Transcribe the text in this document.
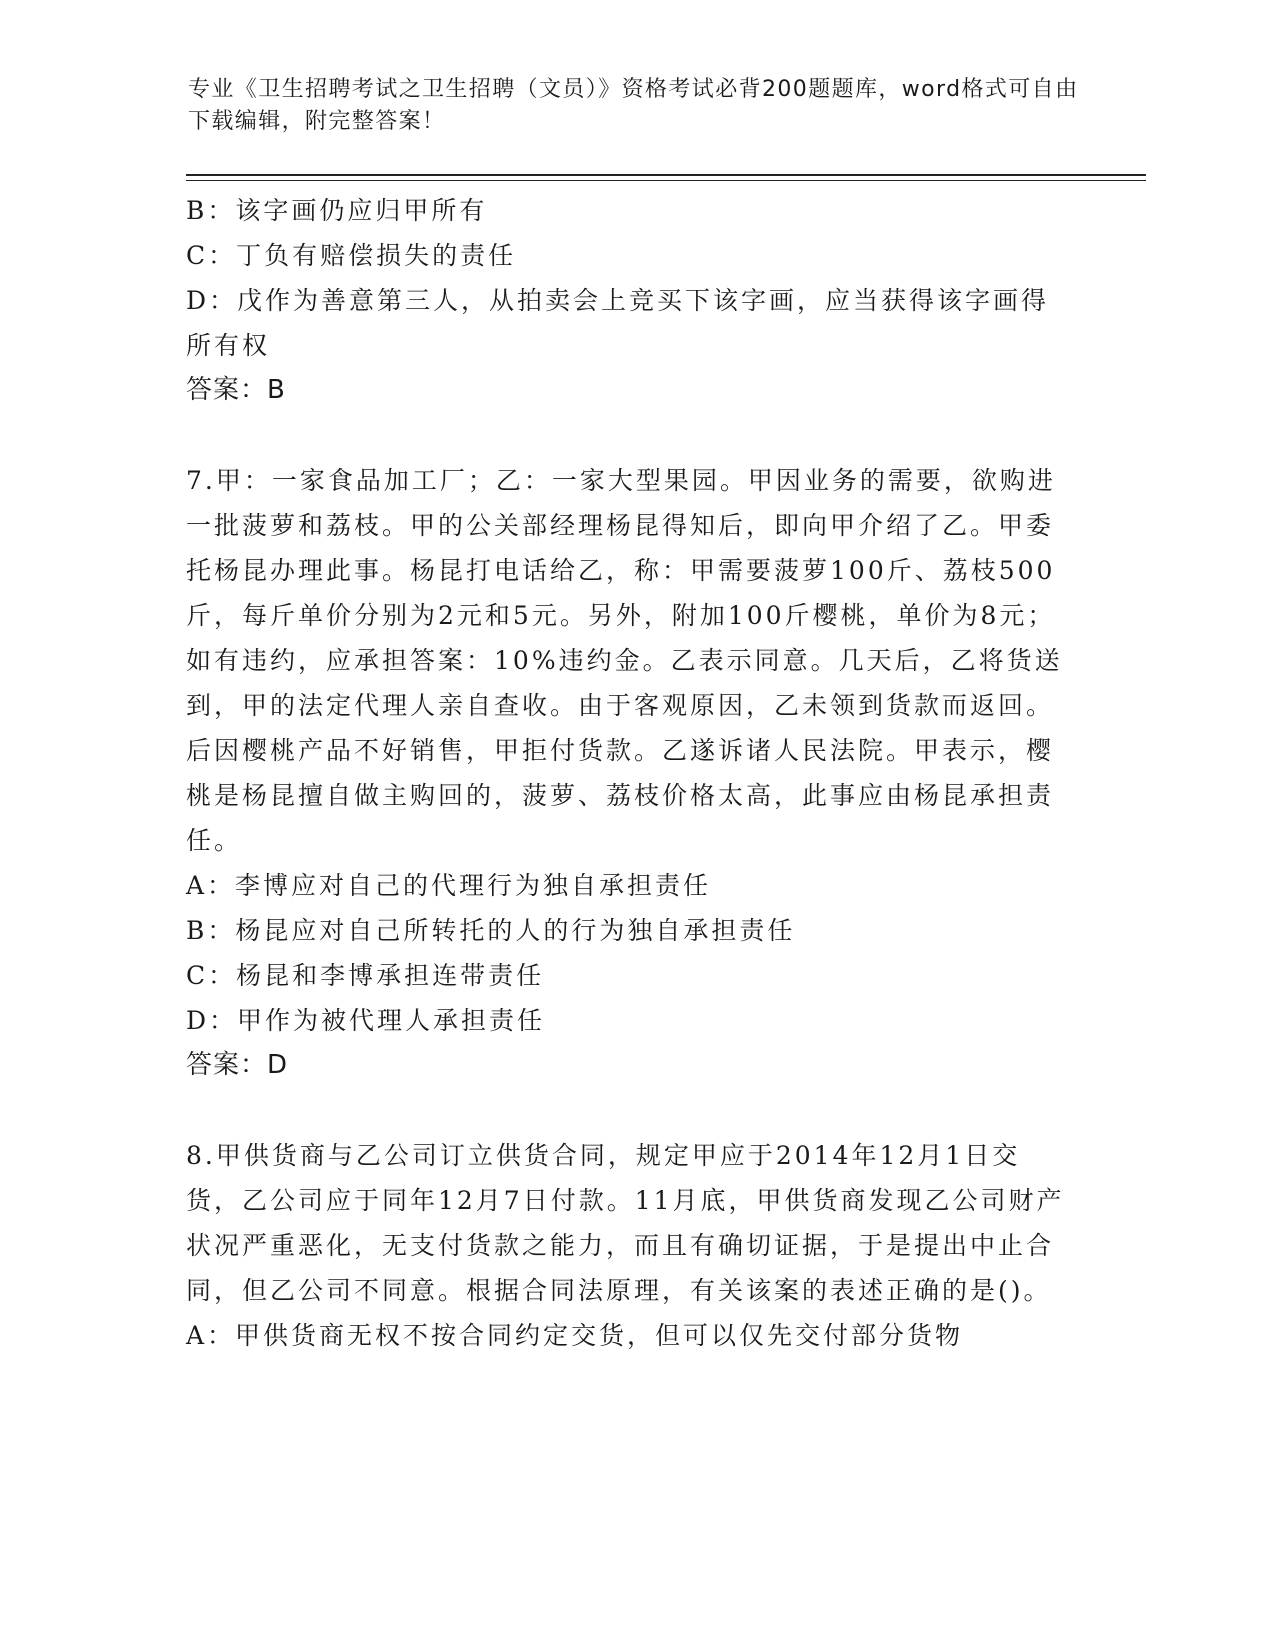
专业《卫生招聘考试之卫生招聘（文员）》资格考试必背200题题库，word格式可自由下载编辑，附完整答案！

B：该字画仍应归甲所有

C：丁负有赔偿损失的责任

D：戊作为善意第三人，从拍卖会上竞买下该字画，应当获得该字画得所有权

答案：B

7.甲：一家食品加工厂；乙：一家大型果园。甲因业务的需要，欲购进一批菠萝和荔枝。甲的公关部经理杨昆得知后，即向甲介绍了乙。甲委托杨昆办理此事。杨昆打电话给乙，称：甲需要菠萝100斤、荔枝500斤，每斤单价分别为2元和5元。另外，附加100斤樱桃，单价为8元；如有违约，应承担答案：10%违约金。乙表示同意。几天后，乙将货送到，甲的法定代理人亲自查收。由于客观原因，乙未领到货款而返回。后因樱桃产品不好销售，甲拒付货款。乙遂诉诸人民法院。甲表示，樱桃是杨昆擅自做主购回的，菠萝、荔枝价格太高，此事应由杨昆承担责任。

A：李博应对自己的代理行为独自承担责任

B：杨昆应对自己所转托的人的行为独自承担责任

C：杨昆和李博承担连带责任

D：甲作为被代理人承担责任

答案：D

8.甲供货商与乙公司订立供货合同，规定甲应于2014年12月1日交货，乙公司应于同年12月7日付款。11月底，甲供货商发现乙公司财产状况严重恶化，无支付货款之能力，而且有确切证据，于是提出中止合同，但乙公司不同意。根据合同法原理，有关该案的表述正确的是()。

A：甲供货商无权不按合同约定交货，但可以仅先交付部分货物
